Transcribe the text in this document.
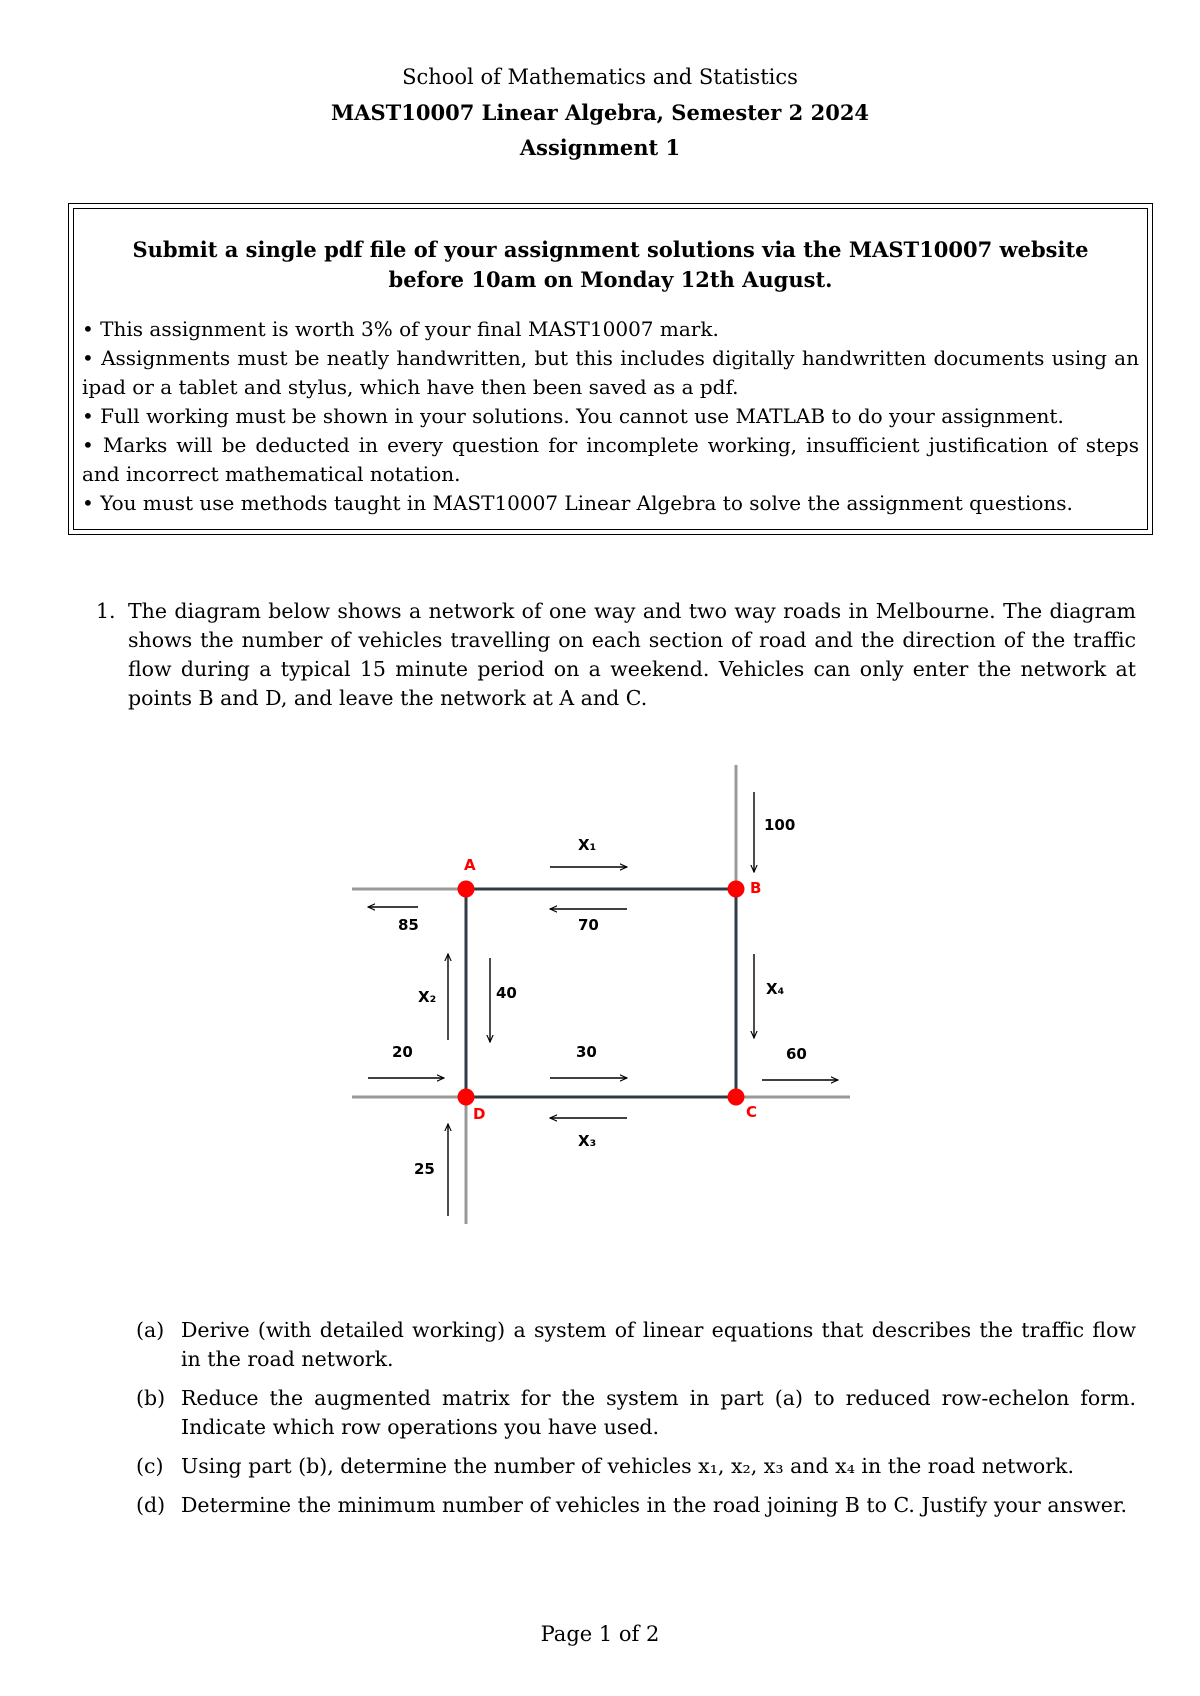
School of Mathematics and Statistics
MAST10007 Linear Algebra, Semester 2 2024
Assignment 1
Submit a single pdf file of your assignment solutions via the MAST10007 website
before 10am on Monday 12th August.
• This assignment is worth 3% of your final MAST10007 mark.
• Assignments must be neatly handwritten, but this includes digitally handwritten documents using an ipad or a tablet and stylus, which have then been saved as a pdf.
• Full working must be shown in your solutions. You cannot use MATLAB to do your assignment.
• Marks will be deducted in every question for incomplete working, insufficient justification of steps and incorrect mathematical notation.
• You must use methods taught in MAST10007 Linear Algebra to solve the assignment questions.
1. The diagram below shows a network of one way and two way roads in Melbourne. The diagram shows the number of vehicles travelling on each section of road and the direction of the traffic flow during a typical 15 minute period on a weekend. Vehicles can only enter the network at points B and D, and leave the network at A and C.
A
B
C
D
X₁
70
85
100
X₂	40	X₄
20	30	60
X₃
25
(a) Derive (with detailed working) a system of linear equations that describes the traffic flow in the road network.
(b) Reduce the augmented matrix for the system in part (a) to reduced row-echelon form. Indicate which row operations you have used.
(c) Using part (b), determine the number of vehicles x₁, x₂, x₃ and x₄ in the road network.
(d) Determine the minimum number of vehicles in the road joining B to C. Justify your answer.
Page 1 of 2
